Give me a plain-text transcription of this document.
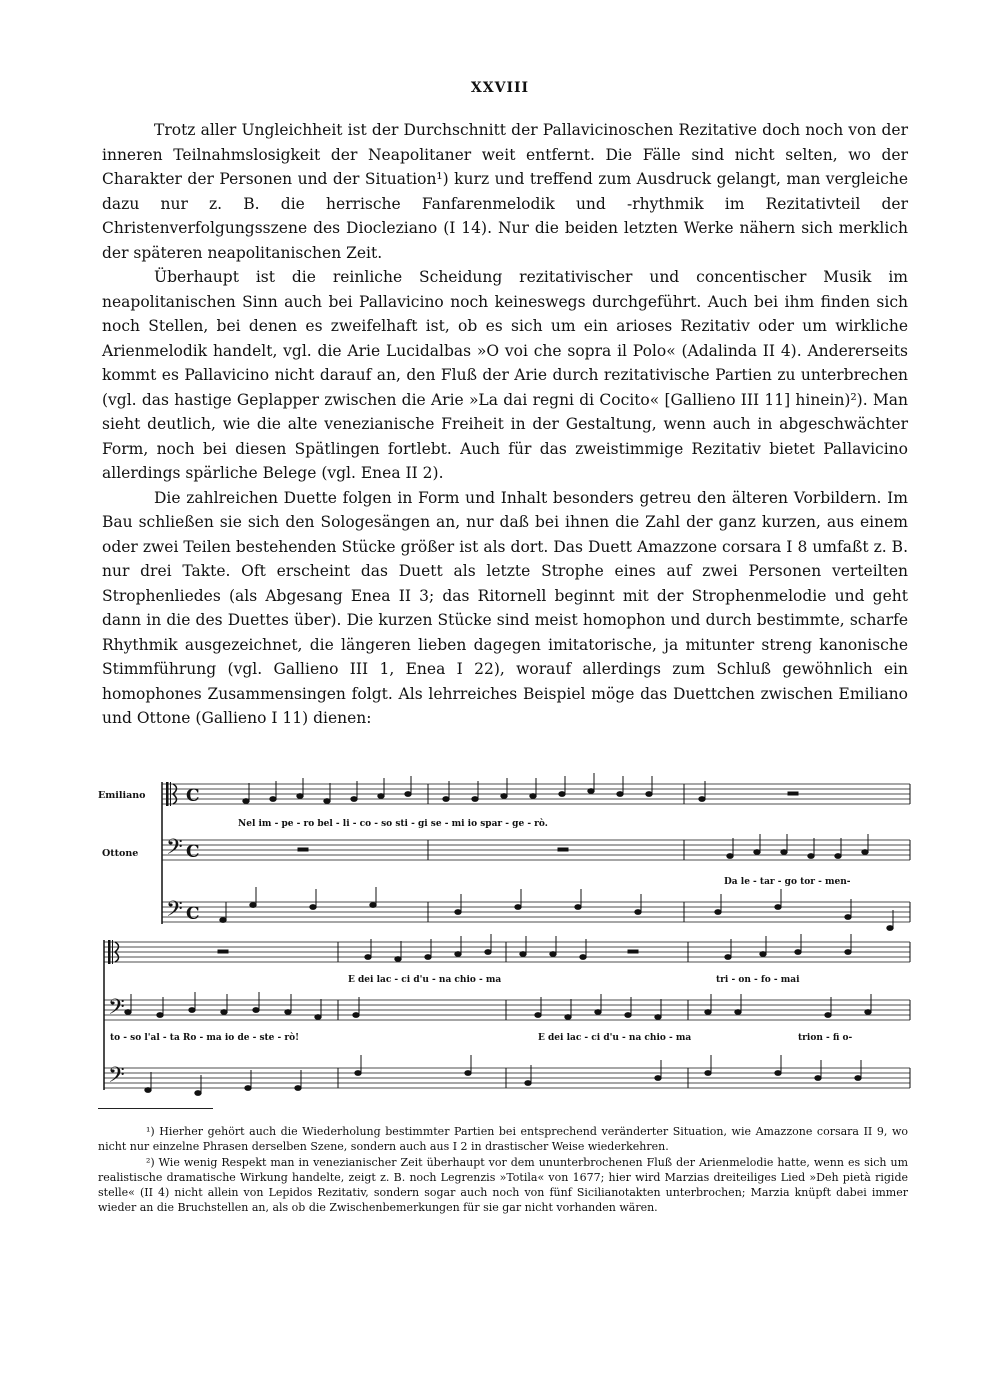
XXVIII

Trotz aller Ungleichheit ist der Durchschnitt der Pallavicinoschen Rezitative doch noch von der inneren Teilnahmslosigkeit der Neapolitaner weit entfernt. Die Fälle sind nicht selten, wo der Charakter der Personen und der Situation¹) kurz und treffend zum Ausdruck gelangt, man vergleiche dazu nur z. B. die herrische Fanfarenmelodik und -rhythmik im Rezitativteil der Christenverfolgungsszene des Diocleziano (I 14). Nur die beiden letzten Werke nähern sich merklich der späteren neapolitanischen Zeit.

Überhaupt ist die reinliche Scheidung rezitativischer und concentischer Musik im neapolitanischen Sinn auch bei Pallavicino noch keineswegs durchgeführt. Auch bei ihm finden sich noch Stellen, bei denen es zweifelhaft ist, ob es sich um ein arioses Rezitativ oder um wirkliche Arienmelodik handelt, vgl. die Arie Lucidalbas »O voi che sopra il Polo« (Adalinda II 4). Andererseits kommt es Pallavicino nicht darauf an, den Fluß der Arie durch rezitativische Partien zu unterbrechen (vgl. das hastige Geplapper zwischen die Arie »La dai regni di Cocito« [Gallieno III 11] hinein)²). Man sieht deutlich, wie die alte venezianische Freiheit in der Gestaltung, wenn auch in abgeschwächter Form, noch bei diesen Spätlingen fortlebt. Auch für das zweistimmige Rezitativ bietet Pallavicino allerdings spärliche Belege (vgl. Enea II 2).

Die zahlreichen Duette folgen in Form und Inhalt besonders getreu den älteren Vorbildern. Im Bau schließen sie sich den Sologesängen an, nur daß bei ihnen die Zahl der ganz kurzen, aus einem oder zwei Teilen bestehenden Stücke größer ist als dort. Das Duett Amazzone corsara I 8 umfaßt z. B. nur drei Takte. Oft erscheint das Duett als letzte Strophe eines auf zwei Personen verteilten Strophenliedes (als Abgesang Enea II 3; das Ritornell beginnt mit der Strophenmelodie und geht dann in die des Duettes über). Die kurzen Stücke sind meist homophon und durch bestimmte, scharfe Rhythmik ausgezeichnet, die längeren lieben dagegen imitatorische, ja mitunter streng kanonische Stimmführung (vgl. Gallieno III 1, Enea I 22), worauf allerdings zum Schluß gewöhnlich ein homophones Zusammensingen folgt. Als lehrreiches Beispiel möge das Duettchen zwischen Emiliano und Ottone (Gallieno I 11) dienen:

Emiliano
Ottone 𝄢
𝄢
C
C
C
Nel im - pe - ro bel - li - co - so sti - gi se - mi io spar - ge - rò.
Da le - tar - go tor - men-
𝄢
𝄢
E dei lac - ci d'u - na chio - ma	tri - on - fo - mai
to - so l'al - ta Ro - ma io de - ste - rò!	E dei lac - ci d'u - na chio - ma	trion - fi o-

¹) Hierher gehört auch die Wiederholung bestimmter Partien bei entsprechend veränderter Situation, wie Amazzone corsara II 9, wo nicht nur einzelne Phrasen derselben Szene, sondern auch aus I 2 in drastischer Weise wiederkehren.

²) Wie wenig Respekt man in venezianischer Zeit überhaupt vor dem ununterbrochenen Fluß der Arienmelodie hatte, wenn es sich um realistische dramatische Wirkung handelte, zeigt z. B. noch Legrenzis »Totila« von 1677; hier wird Marzias dreiteiliges Lied »Deh pietà rigide stelle« (II 4) nicht allein von Lepidos Rezitativ, sondern sogar auch noch von fünf Sicilianotakten unterbrochen; Marzia knüpft dabei immer wieder an die Bruchstellen an, als ob die Zwischenbemerkungen für sie gar nicht vorhanden wären.
